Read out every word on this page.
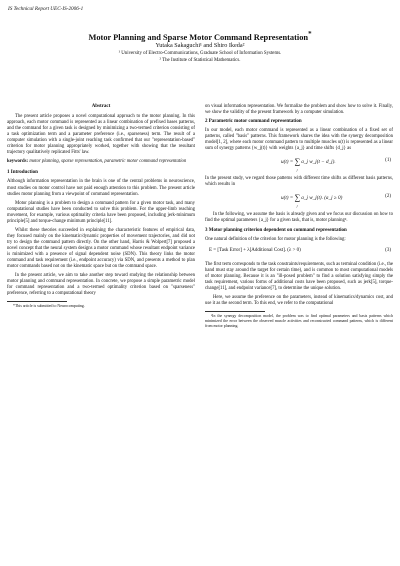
IS Technical Report UEC-IS-2006-1
Motor Planning and Sparse Motor Command Representation*
Yutaka Sakaguchi¹ and Shiro Ikeda²
¹ University of Electro-Communications, Graduate School of Information Systems.
² The Institute of Statistical Mathematics.
Abstract

The present article proposes a novel computational approach to the motor planning. In this approach, each motor command is represented as a linear combination of prefixed bases patterns, and the command for a given task is designed by minimizing a two-termed criterion consisting of a task optimization term and a parameter preference (i.e., sparseness) term. The result of a computer simulation with a single-joint reaching task confirmed that our "representation-based" criterion for motor planning appropriately worked, together with showing that the resultant trajectory qualitatively replicated Fitts' law.

keywords: motor planning, sparse representation, parametric motor command representation
1 Introduction

Although information representation in the brain is one of the central problems in neuroscience, most studies on motor control have not paid enough attention to this problem. The present article studies motor planning from a viewpoint of command representation.

Motor planning is a problem to design a command pattern for a given motor task, and many computational studies have been conducted to solve this problem. For the upper-limb reaching movement, for example, various optimality criteria have been proposed, including jerk-minimum principle[5] and torque-change minimum principle[11].

Whilst these theories succeeded in explaining the characteristic features of empirical data, they focused mainly on the kinematic/dynamic properties of movement trajectories, and did not try to design the command pattern directly. On the other hand, Harris & Wolpert[7] proposed a novel concept that the neural system designs a motor command whose resultant endpoint variance is minimized with a presence of signal dependent noise (SDN). This theory links the motor command and task requirement (i.e., endpoint accuracy) via SDN, and presents a method to plan motor commands based not on the kinematic space but on the command space.

In the present article, we aim to take another step toward studying the relationship between motor planning and command representation. In concrete, we propose a simple parametric model for command representation and a two-termed optimality criterion based on "sparseness" preference, referring to a computational theory

*This article is submitted to Neurocomputing.

on visual information representation. We formalize the problem and show how to solve it. Finally, we show the validity of the present framework by a computer simulation.

2 Parametric motor command representation

In our model, each motor command is represented as a linear combination of a fixed set of patterns, called "basis" patterns. This framework shares the idea with the synergy decomposition model[1, 2], where each motor command pattern to multiple muscles u(t) is represented as a linear sum of synergy patterns {w_j(t)} with weights {a_j} and time shifts {d_j} as

u(t) = ∑
j
a_j w_j(t − d_j).	(1)

In the present study, we regard those patterns with different time shifts as different basis patterns, which results in

u(t) = ∑
j
a_j w_j(t). (a_j ≥ 0)	(2)

In the following, we assume the basis is already given and we focus our discussion on how to find the optimal parameters {a_j} for a given task, that is, motor planning³.

3 Motor planning criterion dependent on command representation

One natural definition of the criterion for motor planning is the following:

E = [Task Error] + λ[Additional Cost]. (λ > 0)	(3)

The first term corresponds to the task constraints/requirements, such as terminal condition (i.e., the hand must stay around the target for certain time), and is common to most computational models of motor planning. Because it is an "ill-posed problem" to find a solution satisfying simply the task requirement, various forms of additional costs have been proposed, such as jerk[5], torque-change[11], and endpoint variance[7], to determine the unique solution.

Here, we assume the preference on the parameters, instead of kinematics/dynamics cost, and use it as the second term. To this end, we refer to the computational

³In the synergy decomposition model, the problem was to find optimal parameters and basis patterns which minimized the error between the observed muscle activities and reconstructed command patterns, which is different from motor planning.
